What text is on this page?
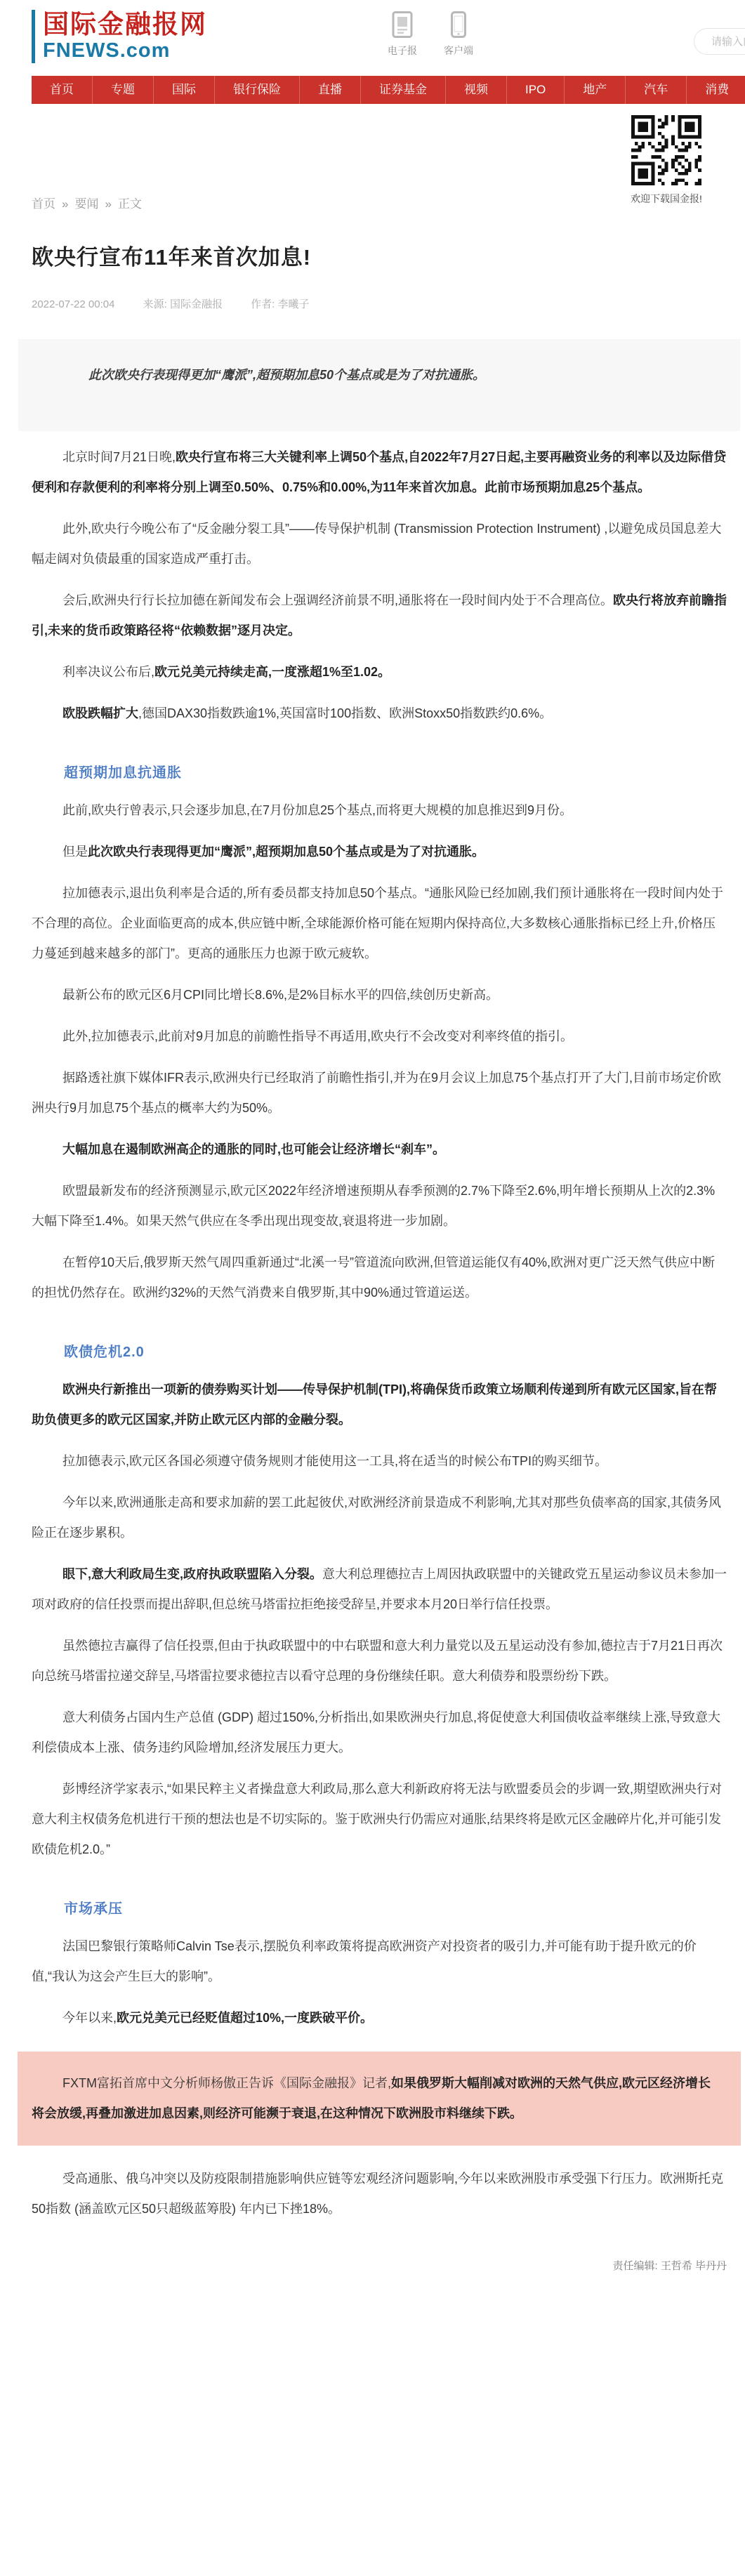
国际金融报网
FNEWS.com	电子报	客户端
请输入内容
首页	专题	国际	银行保险	直播	证券基金	视频	IPO	地产	汽车	消费
欢迎下载国金报!
首页 » 要闻 » 正文
欧央行宣布11年来首次加息!
2022-07-22 00:04	来源: 国际金融报	作者: 李曦子
此次欧央行表现得更加“鹰派”,超预期加息50个基点或是为了对抗通胀。

北京时间7月21日晚,欧央行宣布将三大关键利率上调50个基点,自2022年7月27日起,主要再融资业务的利率以及边际借贷便利和存款便利的利率将分别上调至0.50%、0.75%和0.00%,为11年来首次加息。此前市场预期加息25个基点。

此外,欧央行今晚公布了“反金融分裂工具”——传导保护机制 (Transmission Protection Instrument) ,以避免成员国息差大幅走阔对负债最重的国家造成严重打击。

会后,欧洲央行行长拉加德在新闻发布会上强调经济前景不明,通胀将在一段时间内处于不合理高位。欧央行将放弃前瞻指引,未来的货币政策路径将“依赖数据”逐月决定。

利率决议公布后,欧元兑美元持续走高,一度涨超1%至1.02。

欧股跌幅扩大,德国DAX30指数跌逾1%,英国富时100指数、欧洲Stoxx50指数跌约0.6%。

超预期加息抗通胀

此前,欧央行曾表示,只会逐步加息,在7月份加息25个基点,而将更大规模的加息推迟到9月份。

但是此次欧央行表现得更加“鹰派”,超预期加息50个基点或是为了对抗通胀。

拉加德表示,退出负利率是合适的,所有委员都支持加息50个基点。“通胀风险已经加剧,我们预计通胀将在一段时间内处于不合理的高位。企业面临更高的成本,供应链中断,全球能源价格可能在短期内保持高位,大多数核心通胀指标已经上升,价格压力蔓延到越来越多的部门”。更高的通胀压力也源于欧元疲软。

最新公布的欧元区6月CPI同比增长8.6%,是2%目标水平的四倍,续创历史新高。

此外,拉加德表示,此前对9月加息的前瞻性指导不再适用,欧央行不会改变对利率终值的指引。

据路透社旗下媒体IFR表示,欧洲央行已经取消了前瞻性指引,并为在9月会议上加息75个基点打开了大门,目前市场定价欧洲央行9月加息75个基点的概率大约为50%。

大幅加息在遏制欧洲高企的通胀的同时,也可能会让经济增长“刹车”。

欧盟最新发布的经济预测显示,欧元区2022年经济增速预期从春季预测的2.7%下降至2.6%,明年增长预期从上次的2.3%大幅下降至1.4%。如果天然气供应在冬季出现出现变故,衰退将进一步加剧。

在暂停10天后,俄罗斯天然气周四重新通过“北溪一号”管道流向欧洲,但管道运能仅有40%,欧洲对更广泛天然气供应中断的担忧仍然存在。欧洲约32%的天然气消费来自俄罗斯,其中90%通过管道运送。

欧债危机2.0

欧洲央行新推出一项新的债券购买计划——传导保护机制(TPI),将确保货币政策立场顺利传递到所有欧元区国家,旨在帮助负债更多的欧元区国家,并防止欧元区内部的金融分裂。

拉加德表示,欧元区各国必须遵守债务规则才能使用这一工具,将在适当的时候公布TPI的购买细节。

今年以来,欧洲通胀走高和要求加薪的罢工此起彼伏,对欧洲经济前景造成不利影响,尤其对那些负债率高的国家,其债务风险正在逐步累积。

眼下,意大利政局生变,政府执政联盟陷入分裂。意大利总理德拉吉上周因执政联盟中的关键政党五星运动参议员未参加一项对政府的信任投票而提出辞职,但总统马塔雷拉拒绝接受辞呈,并要求本月20日举行信任投票。

虽然德拉吉赢得了信任投票,但由于执政联盟中的中右联盟和意大利力量党以及五星运动没有参加,德拉吉于7月21日再次向总统马塔雷拉递交辞呈,马塔雷拉要求德拉吉以看守总理的身份继续任职。意大利债券和股票纷纷下跌。

意大利债务占国内生产总值 (GDP) 超过150%,分析指出,如果欧洲央行加息,将促使意大利国债收益率继续上涨,导致意大利偿债成本上涨、债务违约风险增加,经济发展压力更大。

彭博经济学家表示,“如果民粹主义者操盘意大利政局,那么意大利新政府将无法与欧盟委员会的步调一致,期望欧洲央行对意大利主权债务危机进行干预的想法也是不切实际的。鉴于欧洲央行仍需应对通胀,结果终将是欧元区金融碎片化,并可能引发欧债危机2.0。”

市场承压

法国巴黎银行策略师Calvin Tse表示,摆脱负利率政策将提高欧洲资产对投资者的吸引力,并可能有助于提升欧元的价值,“我认为这会产生巨大的影响”。

今年以来,欧元兑美元已经贬值超过10%,一度跌破平价。

FXTM富拓首席中文分析师杨傲正告诉《国际金融报》记者,如果俄罗斯大幅削减对欧洲的天然气供应,欧元区经济增长将会放缓,再叠加激进加息因素,则经济可能濒于衰退,在这种情况下欧洲股市料继续下跌。

受高通胀、俄乌冲突以及防疫限制措施影响供应链等宏观经济问题影响,今年以来欧洲股市承受强下行压力。欧洲斯托克50指数 (涵盖欧元区50只超级蓝筹股) 年内已下挫18%。

责任编辑: 王哲希 毕丹丹
